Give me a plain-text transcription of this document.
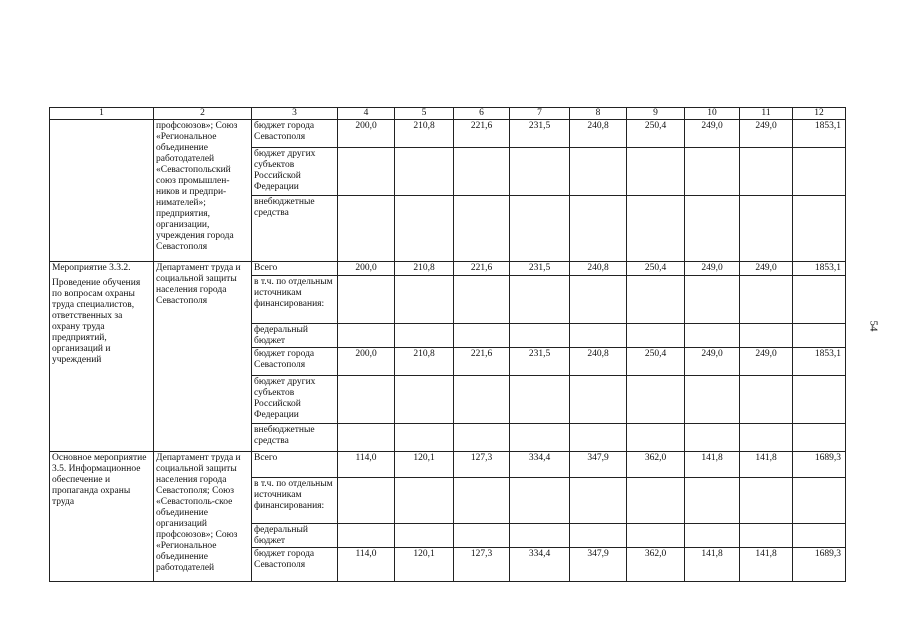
1	2	3	4	5	6	7	8	9	10	11	12
	профсоюзов»; Союз «Региональное объединение работодателей «Севастопольский союз промышлен-ников и предпри-нимателей»; предприятия, организации, учреждения города Севастополя	бюджет города Севастополя	200,0	210,8	221,6	231,5	240,8	250,4	249,0	249,0	1853,1
		бюджет других субъектов Российской Федерации									
		внебюджетные средства									

Мероприятие 3.3.2.
Проведение обучения по вопросам охраны труда специалистов, ответственных за охрану труда предприятий, организаций и учреждений	Департамент труда и социальной защиты населения города Севастополя	Всего	200,0	210,8	221,6	231,5	240,8	250,4	249,0	249,0	1853,1
		в т.ч. по отдельным источникам финансирования:									
		федеральный бюджет									
		бюджет города Севастополя	200,0	210,8	221,6	231,5	240,8	250,4	249,0	249,0	1853,1
		бюджет других субъектов Российской Федерации									
		внебюджетные средства									
Основное мероприятие 3.5. Информационное обеспечение и пропаганда охраны труда	Департамент труда и социальной защиты населения города Севастополя; Союз «Севастополь-ское объединение организаций профсоюзов»; Союз «Региональное объединение работодателей	Всего	114,0	120,1	127,3	334,4	347,9	362,0	141,8	141,8	1689,3
		в т.ч. по отдельным источникам финансирования:									
		федеральный бюджет									
		бюджет города Севастополя	114,0	120,1	127,3	334,4	347,9	362,0	141,8	141,8	1689,3
54
